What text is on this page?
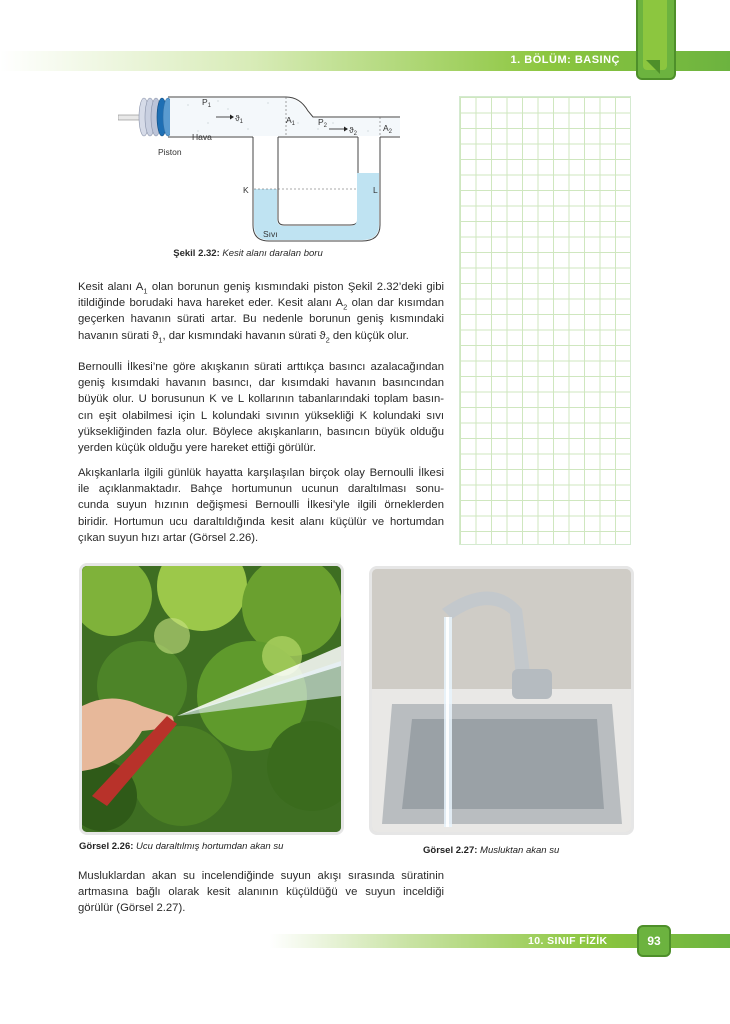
1. BÖLÜM: BASINÇ
$P_1$
$ϑ_1$	$A_1$	$P_2$	$ϑ_2$
$A_2$
Hava
Piston
K	L
Sıvı
Şekil 2.32: Kesit alanı daralan boru
Kesit alanı $A_1$ olan borunun geniş kısmındaki piston Şekil 2.32’deki gibi
itildiğinde borudaki hava hareket eder. Kesit alanı $A_2$ olan dar kısımdan
geçerken havanın sürati artar. Bu nedenle borunun geniş kısmındaki
havanın sürati $ϑ_1$, dar kısmındaki havanın sürati $ϑ_2$ den küçük olur.
Bernoulli İlkesi’ne göre akışkanın sürati arttıkça basıncı azalacağından
geniş kısımdaki havanın basıncı, dar kısımdaki havanın basıncından
büyük olur. U borusunun K ve L kollarının tabanlarındaki toplam basın-
cın eşit olabilmesi için L kolundaki sıvının yüksekliği K kolundaki sıvı
yüksekliğinden fazla olur. Böylece akışkanların, basıncın büyük olduğu
yerden küçük olduğu yere hareket ettiği görülür.
Akışkanlarla ilgili günlük hayatta karşılaşılan birçok olay Bernoulli İlkesi
ile açıklanmaktadır. Bahçe hortumunun ucunun daraltılması sonu-
cunda suyun hızının değişmesi Bernoulli İlkesi’yle ilgili örneklerden
biridir. Hortumun ucu daraltıldığında kesit alanı küçülür ve hortumdan
çıkan suyun hızı artar (Görsel 2.26).
Görsel 2.26: Ucu daraltılmış hortumdan akan su	Görsel 2.27: Musluktan akan su
Musluklardan akan su incelendiğinde suyun akışı sırasında süratinin
artmasına bağlı olarak kesit alanının küçüldüğü ve suyun inceldiği
görülür (Görsel 2.27).
10. SINIF FİZİK	93
